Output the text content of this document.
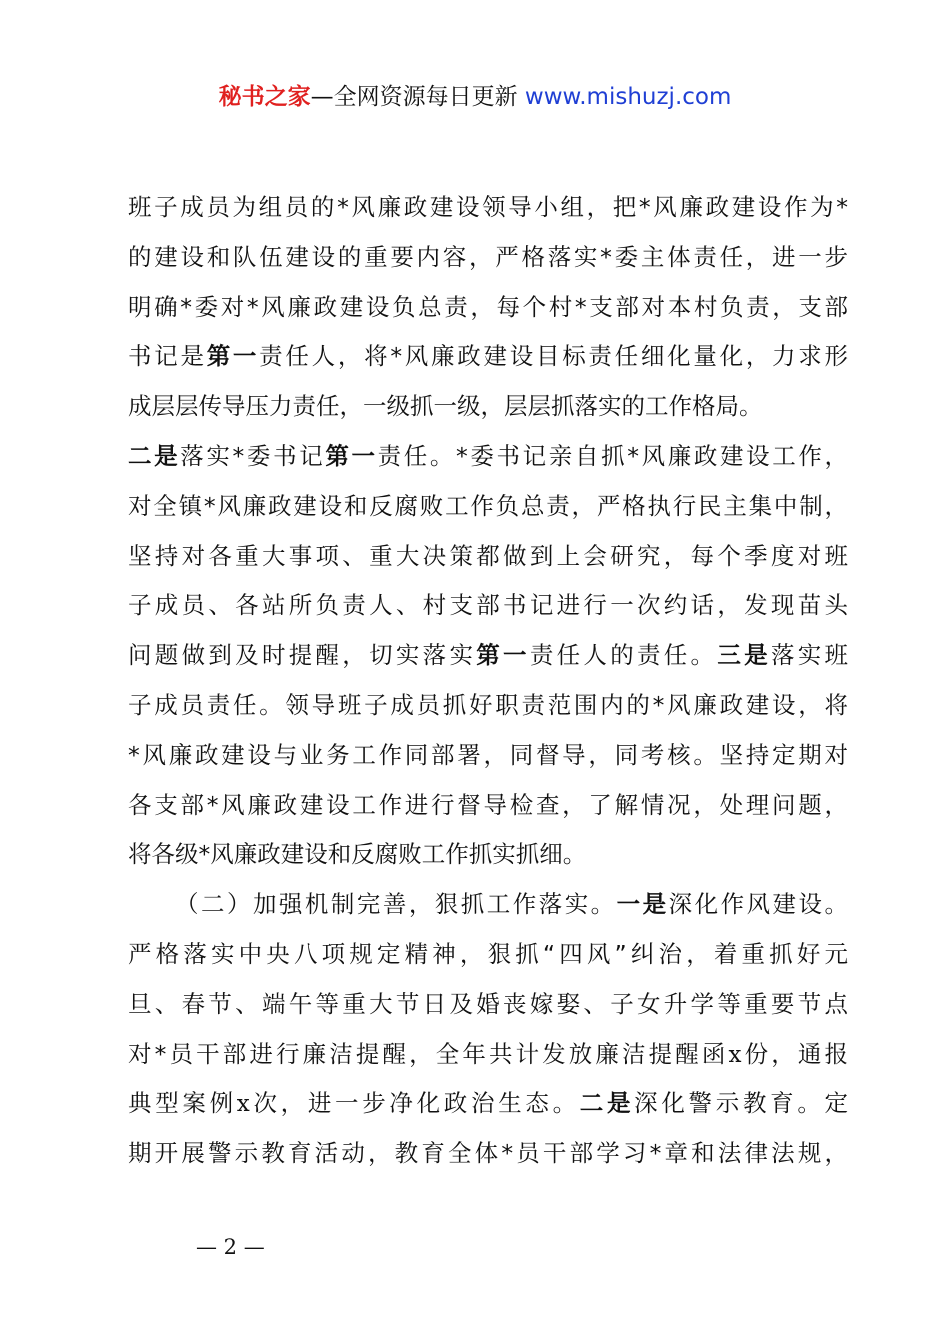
秘书之家—全网资源每日更新 www.mishuzj.com
班子成员为组员的*风廉政建设领导小组，把*风廉政建设作为*
的建设和队伍建设的重要内容，严格落实*委主体责任，进一步
明确*委对*风廉政建设负总责，每个村*支部对本村负责，支部
书记是第一责任人，将*风廉政建设目标责任细化量化，力求形
成层层传导压力责任，一级抓一级，层层抓落实的工作格局。
二是落实*委书记第一责任。*委书记亲自抓*风廉政建设工作，
对全镇*风廉政建设和反腐败工作负总责，严格执行民主集中制，
坚持对各重大事项、重大决策都做到上会研究，每个季度对班
子成员、各站所负责人、村支部书记进行一次约话，发现苗头
问题做到及时提醒，切实落实第一责任人的责任。三是落实班
子成员责任。领导班子成员抓好职责范围内的*风廉政建设，将
*风廉政建设与业务工作同部署，同督导，同考核。坚持定期对
各支部*风廉政建设工作进行督导检查，了解情况，处理问题，
将各级*风廉政建设和反腐败工作抓实抓细。
（二）加强机制完善，狠抓工作落实。一是深化作风建设。
严格落实中央八项规定精神，狠抓“四风”纠治，着重抓好元
旦、春节、端午等重大节日及婚丧嫁娶、子女升学等重要节点
对*员干部进行廉洁提醒，全年共计发放廉洁提醒函x份，通报
典型案例x次，进一步净化政治生态。二是深化警示教育。定
期开展警示教育活动，教育全体*员干部学习*章和法律法规，
— 2 —
